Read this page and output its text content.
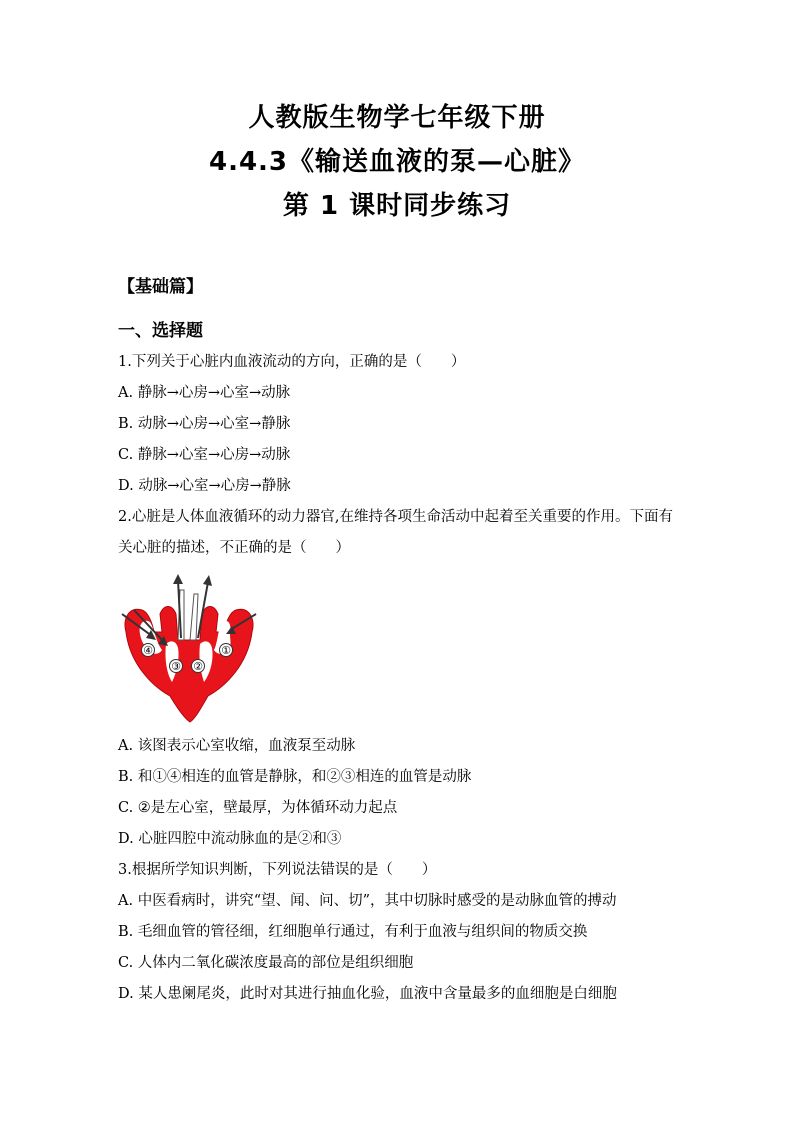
人教版生物学七年级下册
4.4.3《输送血液的泵—心脏》
第 1 课时同步练习
【基础篇】
一、选择题
1.下列关于心脏内血液流动的方向，正确的是（　　）
A. 静脉→心房→心室→动脉
B. 动脉→心房→心室→静脉
C. 静脉→心室→心房→动脉
D. 动脉→心室→心房→静脉
2.心脏是人体血液循环的动力器官,在维持各项生命活动中起着至关重要的作用。下面有关心脏的描述，不正确的是（　　）
④
③ ②
①
A. 该图表示心室收缩，血液泵至动脉
B. 和①④相连的血管是静脉，和②③相连的血管是动脉
C. ②是左心室，壁最厚，为体循环动力起点
D. 心脏四腔中流动脉血的是②和③
3.根据所学知识判断，下列说法错误的是（　　）
A. 中医看病时，讲究“望、闻、问、切”，其中切脉时感受的是动脉血管的搏动
B. 毛细血管的管径细，红细胞单行通过，有利于血液与组织间的物质交换
C. 人体内二氧化碳浓度最高的部位是组织细胞
D. 某人患阑尾炎，此时对其进行抽血化验，血液中含量最多的血细胞是白细胞
